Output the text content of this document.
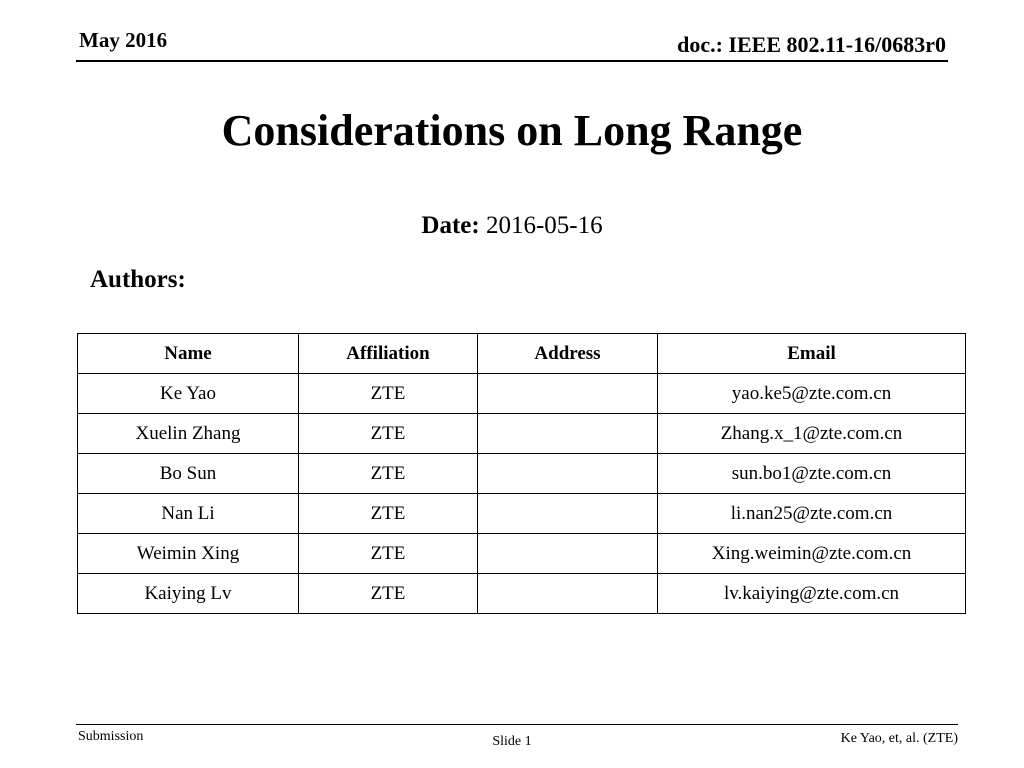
May 2016	doc.: IEEE 802.11-16/0683r0
Considerations on Long Range
Date: 2016-05-16
Authors:
Name	Affiliation	Address	Email
Ke Yao	ZTE		yao.ke5@zte.com.cn
Xuelin Zhang	ZTE		Zhang.x_1@zte.com.cn
Bo Sun	ZTE		sun.bo1@zte.com.cn
Nan Li	ZTE		li.nan25@zte.com.cn
Weimin Xing	ZTE		Xing.weimin@zte.com.cn
Kaiying Lv	ZTE		lv.kaiying@zte.com.cn
Submission	Slide 1	Ke Yao, et, al. (ZTE)
